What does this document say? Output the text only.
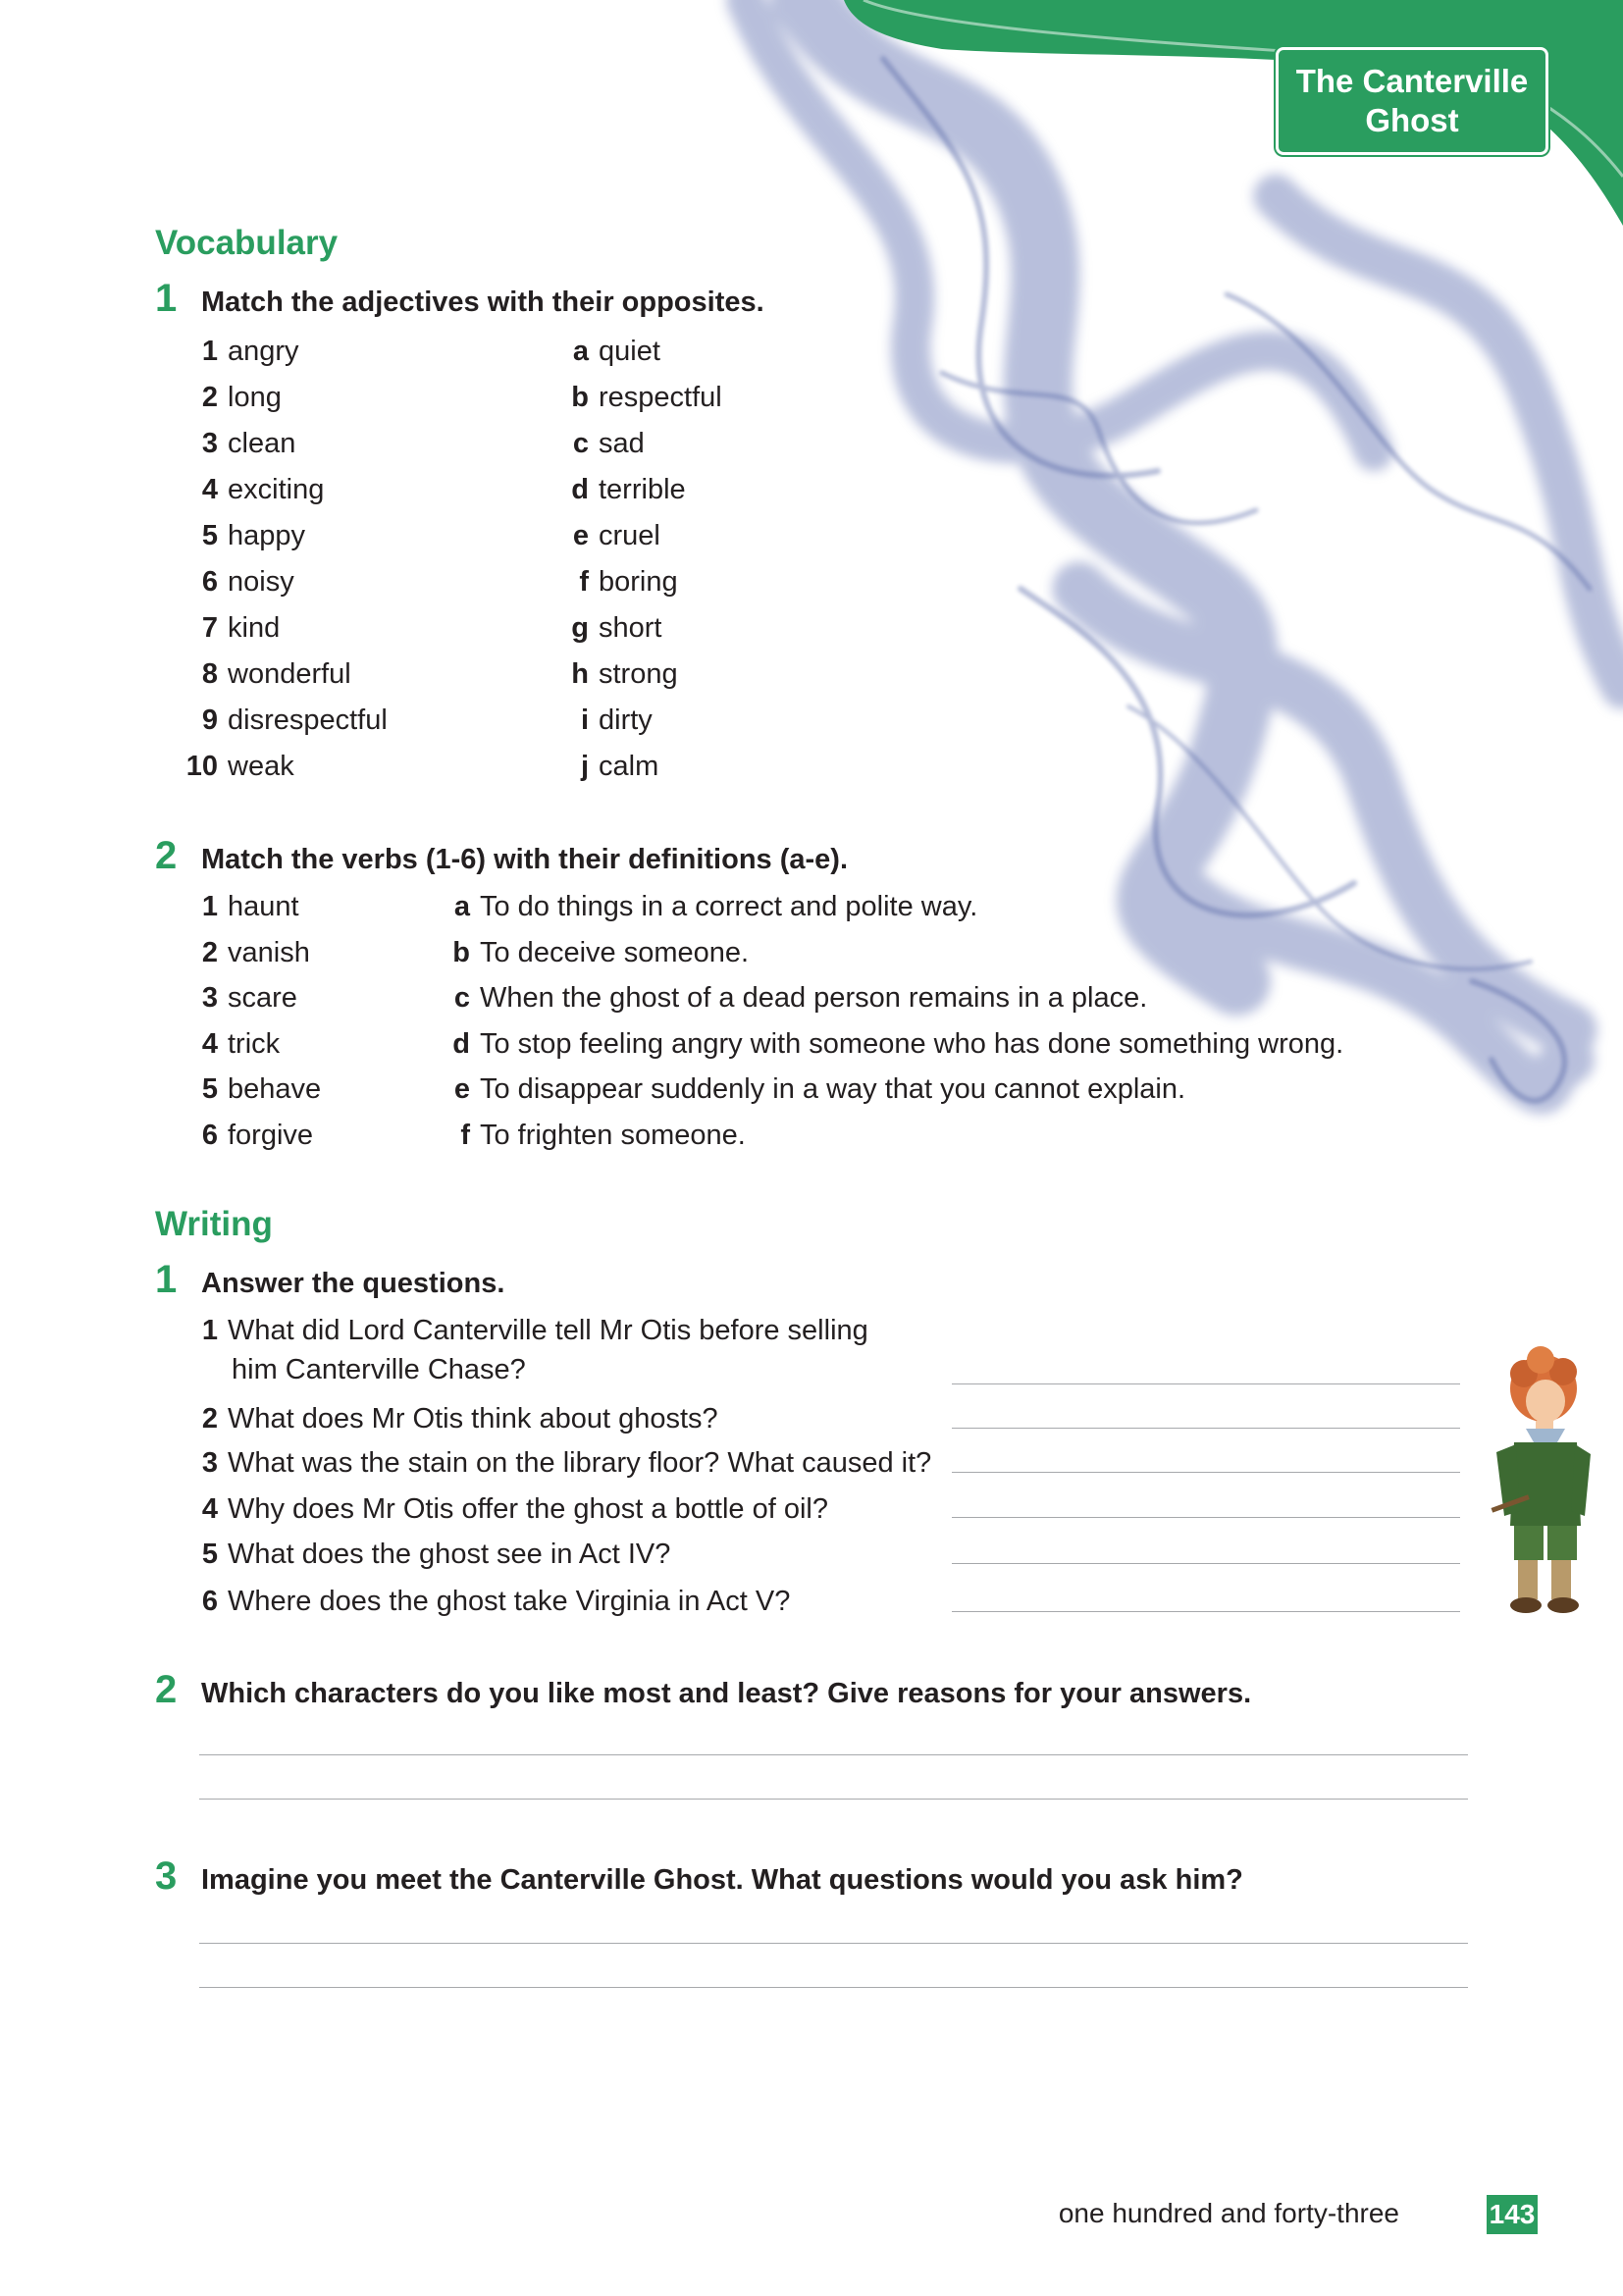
The Canterville
Ghost
Vocabulary
1 Match the adjectives with their opposites.
1 angry	a quiet
2 long	b respectful
3 clean	c sad
4 exciting	d terrible
5 happy	e cruel
6 noisy	f boring
7 kind	g short
8 wonderful	h strong
9 disrespectful	i dirty
10 weak	j calm
2 Match the verbs (1-6) with their definitions (a-e).
1 haunt	a To do things in a correct and polite way.
2 vanish	b To deceive someone.
3 scare	c When the ghost of a dead person remains in a place.
4 trick	d To stop feeling angry with someone who has done something wrong.
5 behave	e To disappear suddenly in a way that you cannot explain.
6 forgive	f To frighten someone.
Writing
1 Answer the questions.
1 What did Lord Canterville tell Mr Otis before selling
him Canterville Chase?
2 What does Mr Otis think about ghosts?
3 What was the stain on the library floor? What caused it?
4 Why does Mr Otis offer the ghost a bottle of oil?
5 What does the ghost see in Act IV?
6 Where does the ghost take Virginia in Act V?
2 Which characters do you like most and least? Give reasons for your answers.
3 Imagine you meet the Canterville Ghost. What questions would you ask him?
one hundred and forty-three	143
